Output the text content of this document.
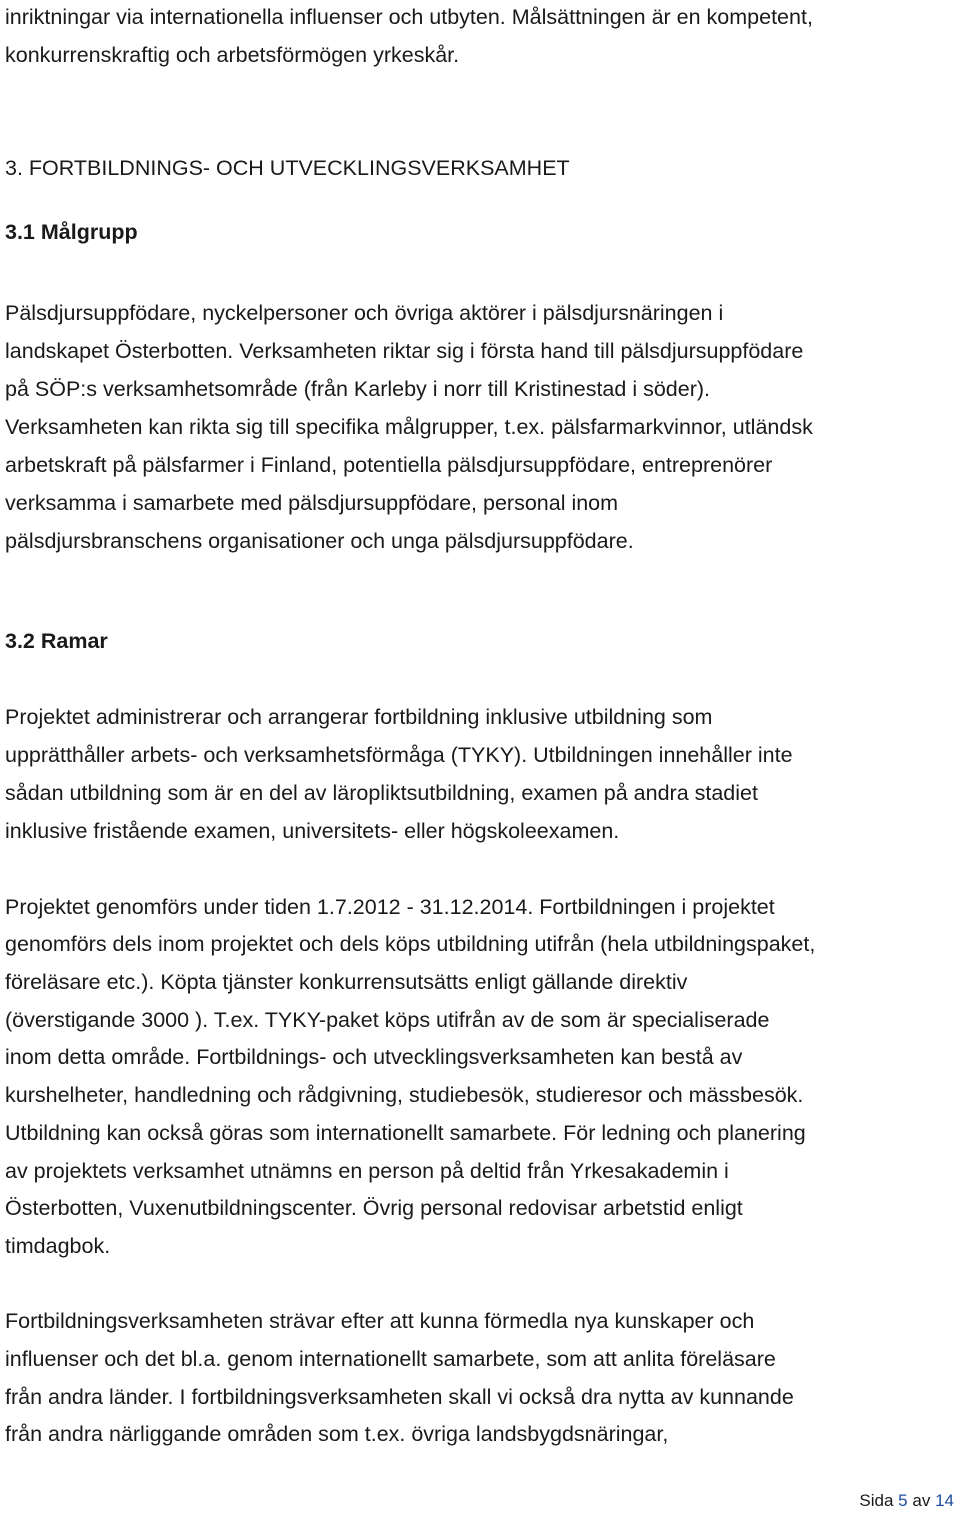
inriktningar via internationella influenser och utbyten. Målsättningen är en kompetent,
konkurrenskraftig och arbetsförmögen yrkeskår.
3. FORTBILDNINGS- OCH UTVECKLINGSVERKSAMHET
3.1 Målgrupp
Pälsdjursuppfödare, nyckelpersoner och övriga aktörer i pälsdjursnäringen i
landskapet Österbotten. Verksamheten riktar sig i första hand till pälsdjursuppfödare
på SÖP:s verksamhetsområde (från Karleby i norr till Kristinestad i söder).
Verksamheten kan rikta sig till specifika målgrupper, t.ex. pälsfarmarkvinnor, utländsk
arbetskraft på pälsfarmer i Finland, potentiella pälsdjursuppfödare, entreprenörer
verksamma i samarbete med pälsdjursuppfödare, personal inom
pälsdjursbranschens organisationer och unga pälsdjursuppfödare.
3.2 Ramar
Projektet administrerar och arrangerar fortbildning inklusive utbildning som
upprätthåller arbets- och verksamhetsförmåga (TYKY). Utbildningen innehåller inte
sådan utbildning som är en del av läropliktsutbildning, examen på andra stadiet
inklusive fristående examen, universitets- eller högskoleexamen.
Projektet genomförs under tiden 1.7.2012 - 31.12.2014. Fortbildningen i projektet
genomförs dels inom projektet och dels köps utbildning utifrån (hela utbildningspaket,
föreläsare etc.). Köpta tjänster konkurrensutsätts enligt gällande direktiv
(överstigande 3000 ). T.ex. TYKY-paket köps utifrån av de som är specialiserade
inom detta område. Fortbildnings- och utvecklingsverksamheten kan bestå av
kurshelheter, handledning och rådgivning, studiebesök, studieresor och mässbesök.
Utbildning kan också göras som internationellt samarbete. För ledning och planering
av projektets verksamhet utnämns en person på deltid från Yrkesakademin i
Österbotten, Vuxenutbildningscenter. Övrig personal redovisar arbetstid enligt
timdagbok.
Fortbildningsverksamheten strävar efter att kunna förmedla nya kunskaper och
influenser och det bl.a. genom internationellt samarbete, som att anlita föreläsare
från andra länder. I fortbildningsverksamheten skall vi också dra nytta av kunnande
från andra närliggande områden som t.ex. övriga landsbygdsnäringar,
Sida 5 av 14
